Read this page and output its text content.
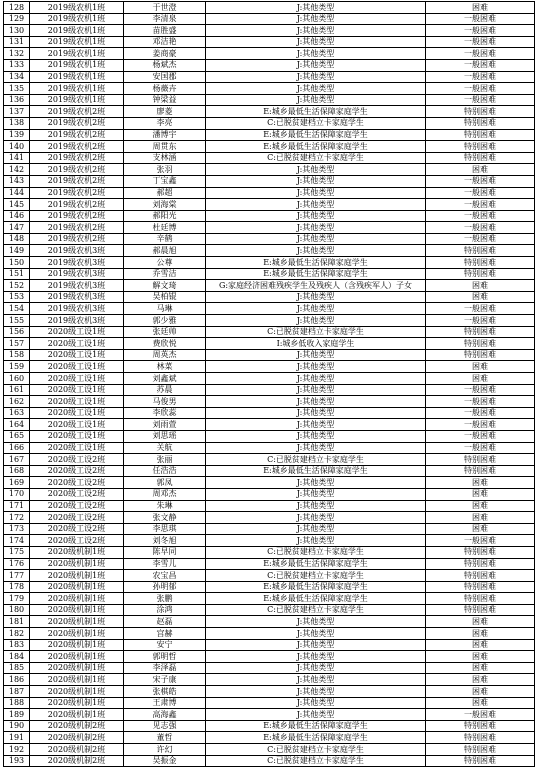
128	2019级农机1班	于世澄	J:其他类型	困难
129	2019级农机1班	李清泉	J:其他类型	一般困难
130	2019级农机1班	苗胜盛	J:其他类型	一般困难
131	2019级农机1班	邓洁艳	J:其他类型	一般困难
132	2019级农机1班	姜商豪	J:其他类型	一般困难
133	2019级农机1班	杨斌杰	J:其他类型	一般困难
134	2019级农机1班	安国郡	J:其他类型	一般困难
135	2019级农机1班	杨薇卉	J:其他类型	一般困难
136	2019级农机1班	钟梁益	J:其他类型	一般困难
137	2019级农机2班	廖菱	E:城乡最低生活保障家庭学生	特别困难
138	2019级农机2班	李亮	C:已脱贫建档立卡家庭学生	特别困难
139	2019级农机2班	潘博宇	E:城乡最低生活保障家庭学生	特别困难
140	2019级农机2班	周贯东	E:城乡最低生活保障家庭学生	特别困难
141	2019级农机2班	支林涵	C:已脱贫建档立卡家庭学生	特别困难
142	2019级农机2班	张羽	J:其他类型	困难
143	2019级农机2班	丁宝鑫	J:其他类型	一般困难
144	2019级农机2班	郝超	J:其他类型	一般困难
145	2019级农机2班	刘海棠	J:其他类型	一般困难
146	2019级农机2班	郝阳光	J:其他类型	一般困难
147	2019级农机2班	杜廷博	J:其他类型	一般困难
148	2019级农机2班	辛鹤	J:其他类型	一般困难
149	2019级农机3班	郝晨旭	J:其他类型	特别困难
150	2019级农机3班	公尊	E:城乡最低生活保障家庭学生	特别困难
151	2019级农机3班	乔雪洁	E:城乡最低生活保障家庭学生	特别困难
152	2019级农机3班	解文琦	G:家庭经济困难残疾学生及残疾人（含残疾军人）子女	困难
153	2019级农机3班	吴柏锟	J:其他类型	困难
154	2019级农机3班	马琳	J:其他类型	一般困难
155	2019级农机3班	郭少雅	J:其他类型	一般困难
156	2020级工设1班	张廷帅	C:已脱贫建档立卡家庭学生	特别困难
157	2020级工设1班	费欣悦	I:城乡低收入家庭学生	特别困难
158	2020级工设1班	周英杰	J:其他类型	特别困难
159	2020级工设1班	林菜	J:其他类型	困难
160	2020级工设1班	刘鑫斌	J:其他类型	困难
161	2020级工设1班	苏晨	J:其他类型	一般困难
162	2020级工设1班	马俊男	J:其他类型	一般困难
163	2020级工设1班	李欣蕊	J:其他类型	一般困难
164	2020级工设1班	刘雨萱	J:其他类型	一般困难
165	2020级工设1班	刘思瑶	J:其他类型	一般困难
166	2020级工设1班	关航	J:其他类型	一般困难
167	2020级工设2班	张丽	C:已脱贫建档立卡家庭学生	特别困难
168	2020级工设2班	任浩浩	E:城乡最低生活保障家庭学生	特别困难
169	2020级工设2班	郭凤	J:其他类型	困难
170	2020级工设2班	周邓杰	J:其他类型	困难
171	2020级工设2班	朱琳	J:其他类型	困难
172	2020级工设2班	张文静	J:其他类型	困难
173	2020级工设2班	李思琪	J:其他类型	困难
174	2020级工设2班	刘冬旭	J:其他类型	一般困难
175	2020级机制1班	陈早同	C:已脱贫建档立卡家庭学生	特别困难
176	2020级机制1班	李雪儿	E:城乡最低生活保障家庭学生	特别困难
177	2020级机制1班	农宝昌	C:已脱贫建档立卡家庭学生	特别困难
178	2020级机制1班	孙明郁	E:城乡最低生活保障家庭学生	特别困难
179	2020级机制1班	张鹏	E:城乡最低生活保障家庭学生	特别困难
180	2020级机制1班	涂鸿	C:已脱贫建档立卡家庭学生	特别困难
181	2020级机制1班	赵磊	J:其他类型	困难
182	2020级机制1班	宫赫	J:其他类型	困难
183	2020级机制1班	安宁	J:其他类型	困难
184	2020级机制1班	郭明哲	J:其他类型	困难
185	2020级机制1班	李泽磊	J:其他类型	困难
186	2020级机制1班	宋子康	J:其他类型	困难
187	2020级机制1班	张棋皓	J:其他类型	困难
188	2020级机制1班	王肃博	J:其他类型	困难
189	2020级机制1班	高海鑫	J:其他类型	一般困难
190	2020级机制2班	见志强	E:城乡最低生活保障家庭学生	特别困难
191	2020级机制2班	董哲	E:城乡最低生活保障家庭学生	特别困难
192	2020级机制2班	许幻	C:已脱贫建档立卡家庭学生	特别困难
193	2020级机制2班	吴振金	C:已脱贫建档立卡家庭学生	特别困难
